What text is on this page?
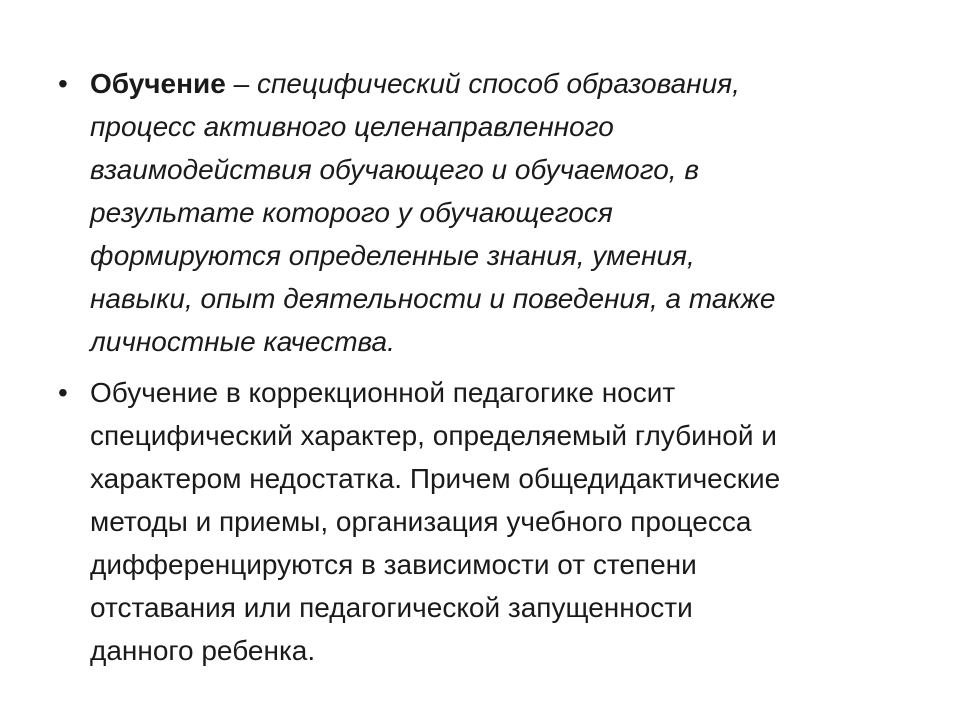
• Обучение – специфический способ образования,
процесс активного целенаправленного
взаимодействия обучающего и обучаемого, в
результате которого у обучающегося
формируются определенные знания, умения,
навыки, опыт деятельности и поведения, а также
личностные качества.
• Обучение в коррекционной педагогике носит
специфический характер, определяемый глубиной и
характером недостатка. Причем общедидактические
методы и приемы, организация учебного процесса
дифференцируются в зависимости от степени
отставания или педагогической запущенности
данного ребенка.
